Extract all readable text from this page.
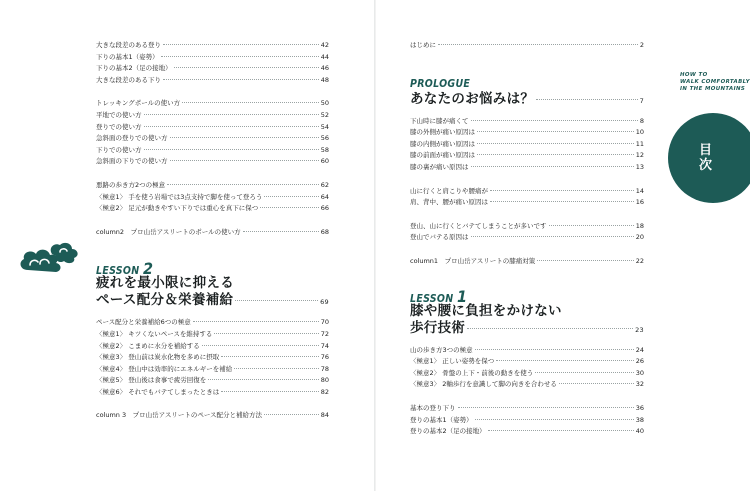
大きな段差のある登り	42
下りの基本1（姿勢）	44
下りの基本2（足の接地）	46
大きな段差のある下り	48
トレッキングポールの使い方	50
平地での使い方	52
登りでの使い方	54
急斜面の登りでの使い方	56
下りでの使い方	58
急斜面の下りでの使い方	60
悪路の歩き方2つの極意	62
〈極意1〉 手を使う岩場では3点支持で脚を使って登ろう	64
〈極意2〉 足元が動きやすい下りでは重心を真下に保つ	66
column2　プロ山岳アスリートのポールの使い方	68
LESSON 2
疲れを最小限に抑える
ペース配分＆栄養補給	69
ペース配分と栄養補給6つの極意	70
〈極意1〉 キツくないペースを維持する	72
〈極意2〉 こまめに水分を補給する	74
〈極意3〉 登山前は炭水化物を多めに摂取	76
〈極意4〉 登山中は効率的にエネルギーを補給	78
〈極意5〉 登山後は食事で疲労回復を	80
〈極意6〉 それでもバテてしまったときは	82
column 3　プロ山岳アスリートのペース配分と補給方法	84
はじめに	2
PROLOGUE
あなたのお悩みは？	7
下山時に膝が痛くて	8
膝の外側が痛い原因は	10
膝の内側が痛い原因は	11
膝の前面が痛い原因は	12
膝の裏が痛い原因は	13
山に行くと肩こりや腰痛が	14
肩、背中、腰が痛い原因は	16
登山、山に行くとバテてしまうことが多いです	18
登山でバテる原因は	20
column1　プロ山岳アスリートの膝痛対策	22
LESSON 1
膝や腰に負担をかけない
歩行技術	23
山の歩き方3つの極意	24
〈極意1〉 正しい姿勢を保つ	26
〈極意2〉 骨盤の上下・前後の動きを使う	30
〈極意3〉 2軸歩行を意識して脚の向きを合わせる	32
基本の登り下り	36
登りの基本1（姿勢）	38
登りの基本2（足の接地）	40
HOW TO
WALK COMFORTABLY
IN THE MOUNTAINS
目
次
